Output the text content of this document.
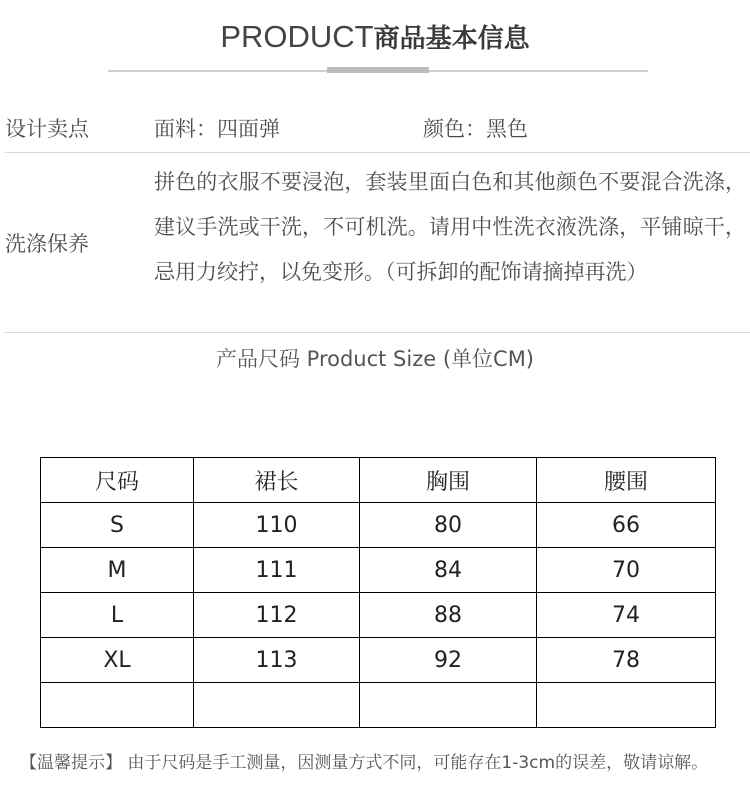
PRODUCT商品基本信息
设计卖点	面料：四面弹	颜色：黑色
洗涤保养
拼色的衣服不要浸泡，套装里面白色和其他颜色不要混合洗涤，建议手洗或干洗，不可机洗。请用中性洗衣液洗涤，平铺晾干，忌用力绞拧，以免变形。（可拆卸的配饰请摘掉再洗）
产品尺码 Product Size (单位CM)
尺码	裙长	胸围	腰围
S	110	80	66
M	111	84	70
L	112	88	74
XL	113	92	78

【温馨提示】 由于尺码是手工测量，因测量方式不同，可能存在1-3cm的误差，敬请谅解。
